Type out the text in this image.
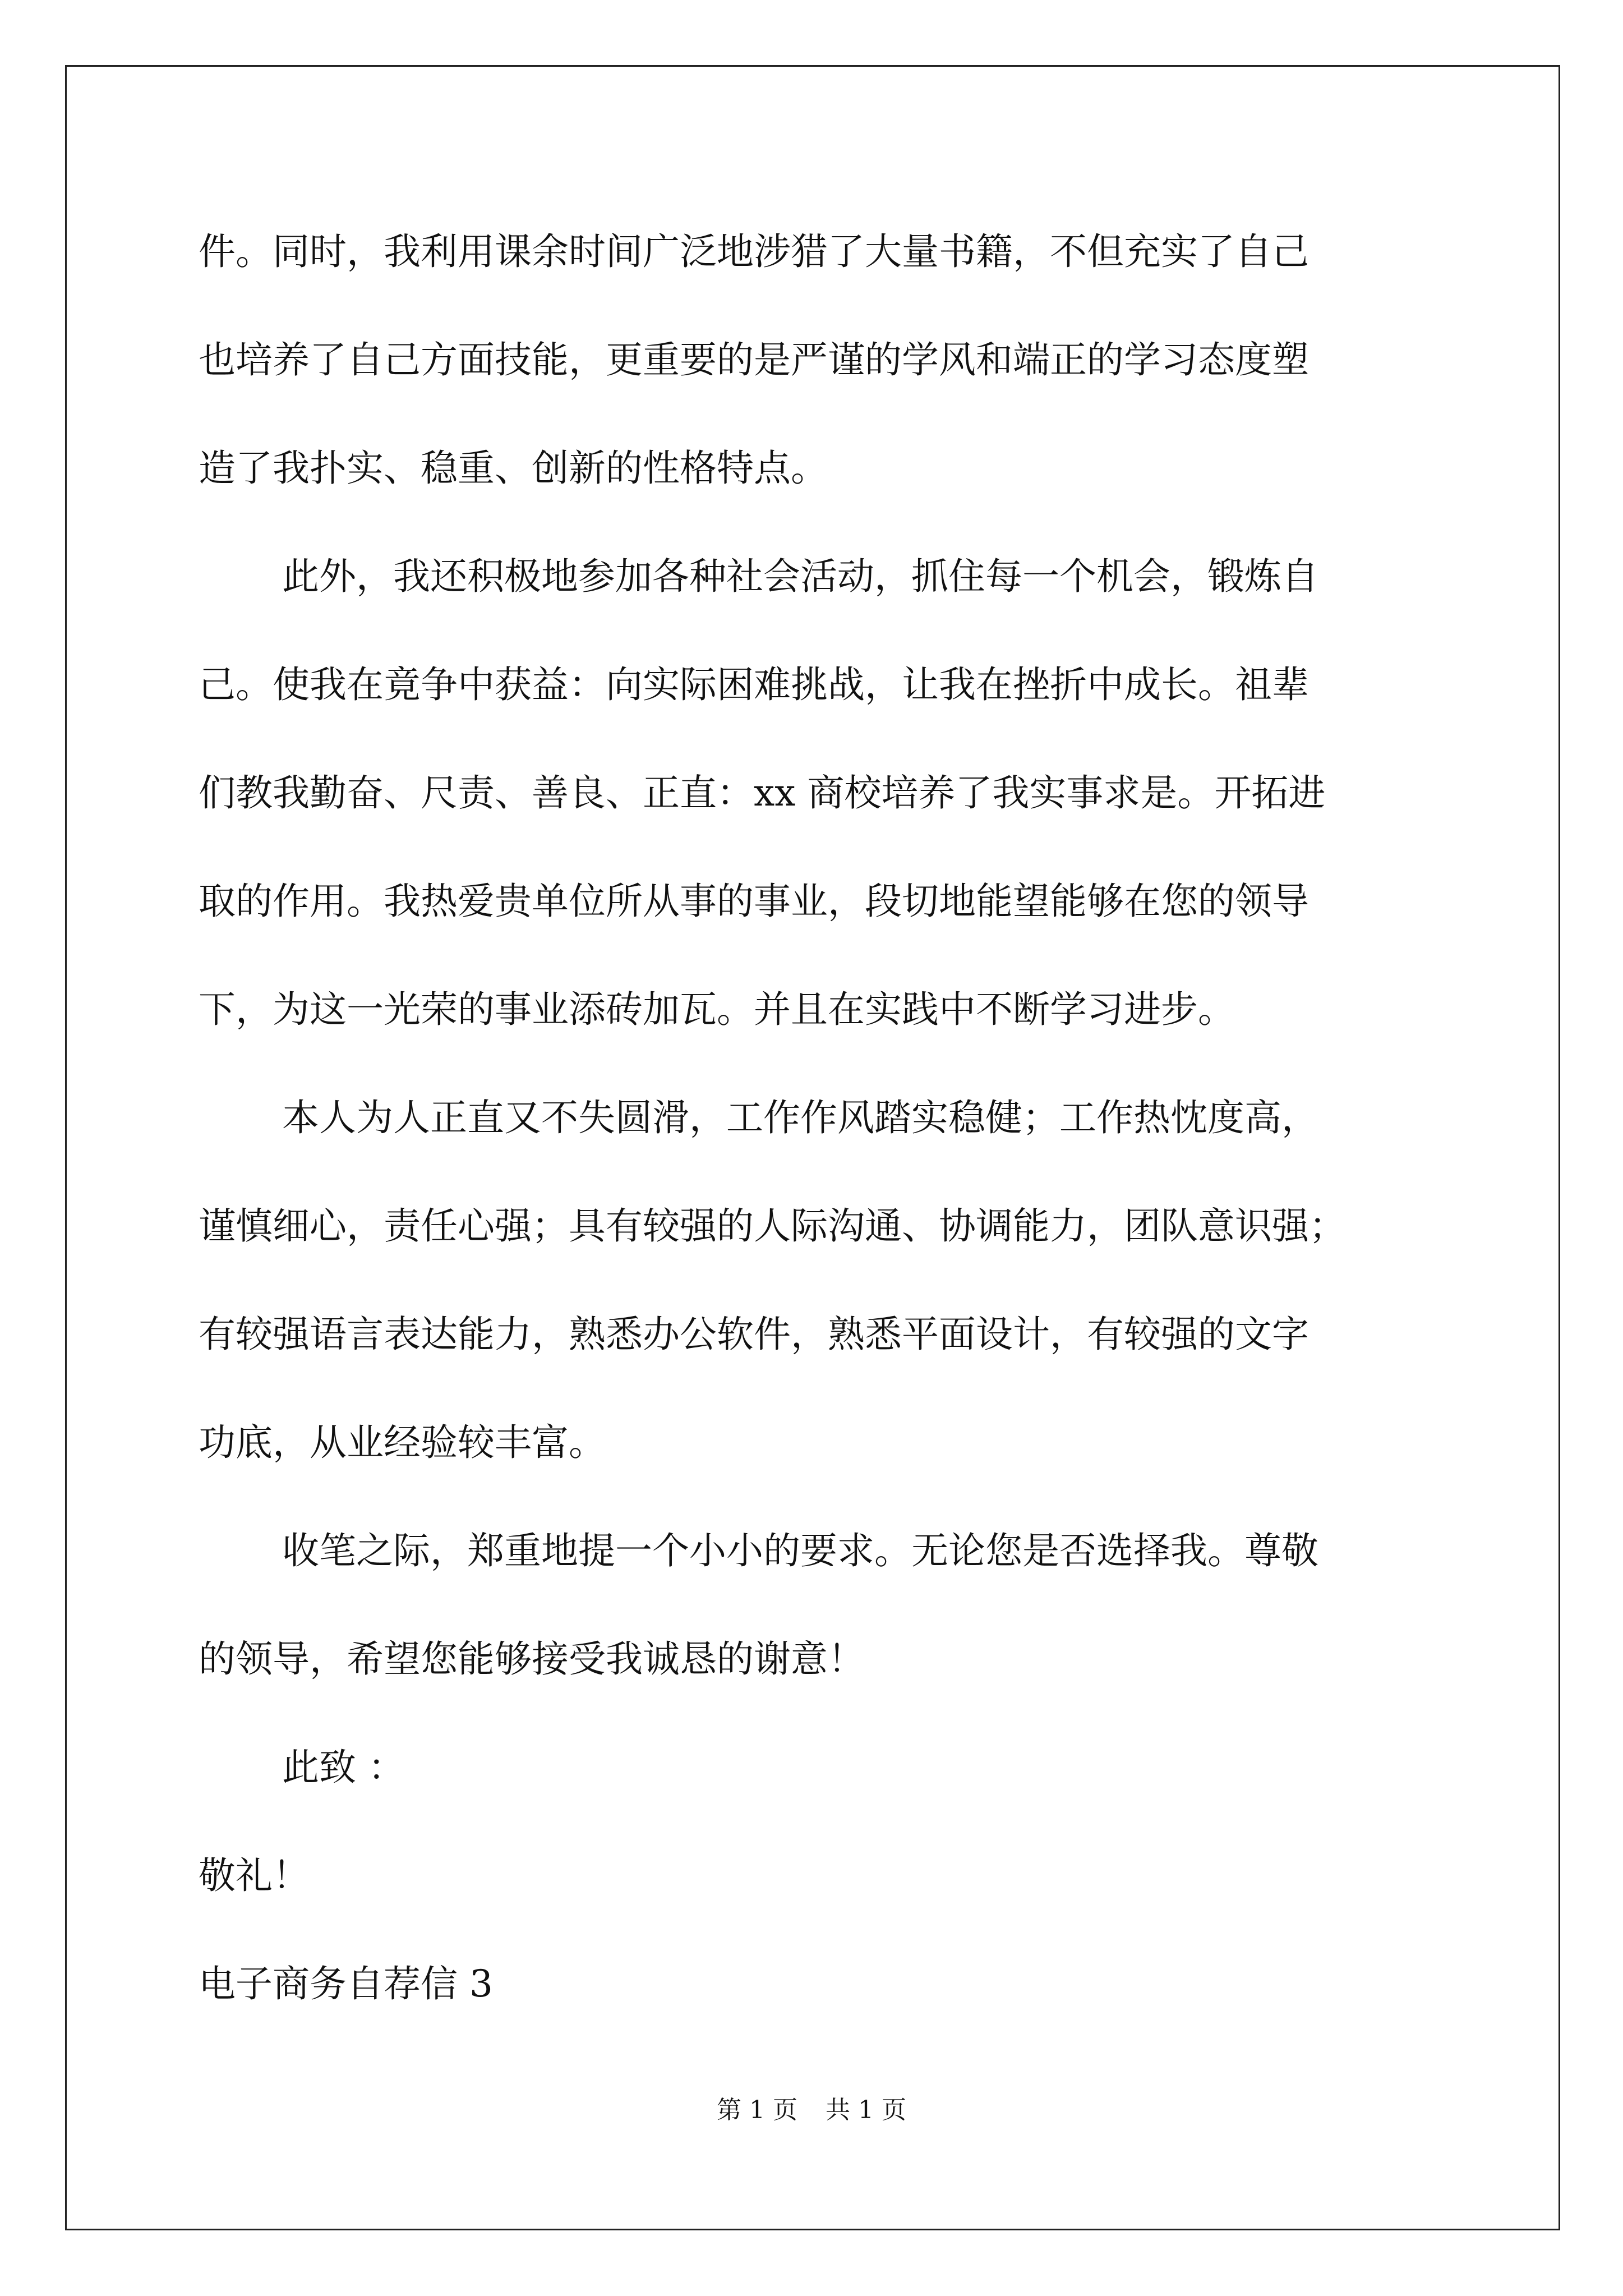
件。同时，我利用课余时间广泛地涉猎了大量书籍，不但充实了自己
也培养了自己方面技能，更重要的是严谨的学风和端正的学习态度塑
造了我扑实、稳重、创新的性格特点。
此外，我还积极地参加各种社会活动，抓住每一个机会，锻炼自
己。使我在竟争中获益：向实际困难挑战，让我在挫折中成长。祖辈
们教我勤奋、尺责、善良、正直：xx 商校培养了我实事求是。开拓进
取的作用。我热爱贵单位所从事的事业，段切地能望能够在您的领导
下，为这一光荣的事业添砖加瓦。并且在实践中不断学习进步。
本人为人正直又不失圆滑，工作作风踏实稳健；工作热忱度高，
谨慎细心，责任心强；具有较强的人际沟通、协调能力，团队意识强；
有较强语言表达能力，熟悉办公软件，熟悉平面设计，有较强的文字
功底，从业经验较丰富。
收笔之际，郑重地提一个小小的要求。无论您是否选择我。尊敬
的领导，希望您能够接受我诚恳的谢意！
此致 ：
敬礼！
电子商务自荐信 3
第 1 页 共 1 页
